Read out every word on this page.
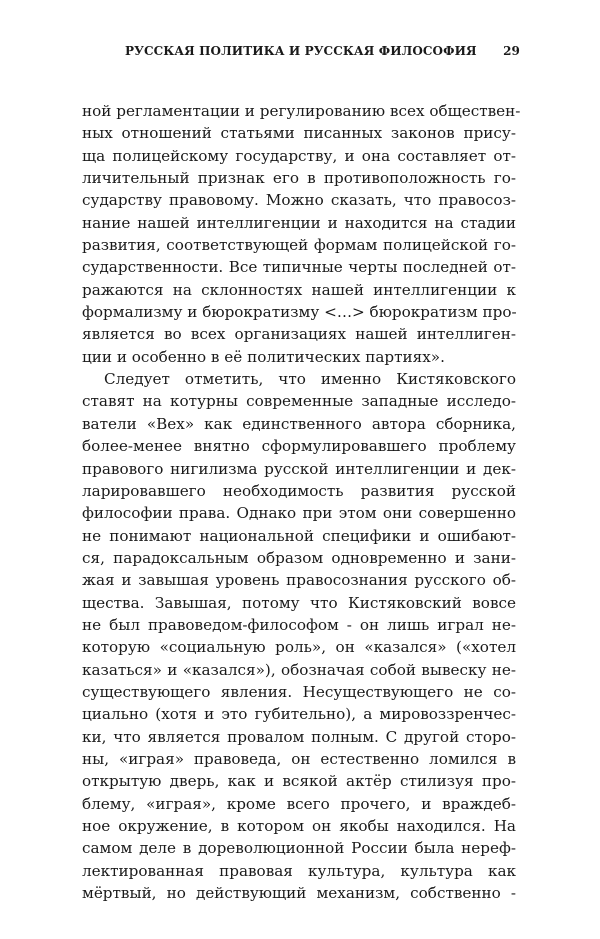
РУССКАЯ ПОЛИТИКА И РУССКАЯ ФИЛОСОФИЯ 29
ной регламентации и регулированию всех обществен-
ных отношений статьями писанных законов прису-
ща полицейскому государству, и она составляет от-
личительный признак его в противоположность го-
сударству правовому. Можно сказать, что правосоз-
нание нашей интеллигенции и находится на стадии
развития, соответствующей формам полицейской го-
сударственности. Все типичные черты последней от-
ражаются на склонностях нашей интеллигенции к
формализму и бюрократизму <…> бюрократизм про-
является во всех организациях нашей интеллиген-
ции и особенно в её политических партиях».
Следует отметить, что именно Кистяковского
ставят на котурны современные западные исследо-
ватели «Вех» как единственного автора сборника,
более-менее внятно сформулировавшего проблему
правового нигилизма русской интеллигенции и дек-
ларировавшего необходимость развития русской
философии права. Однако при этом они совершенно
не понимают национальной специфики и ошибают-
ся, парадоксальным образом одновременно и зани-
жая и завышая уровень правосознания русского об-
щества. Завышая, потому что Кистяковский вовсе
не был правоведом-философом - он лишь играл не-
которую «социальную роль», он «казался» («хотел
казаться» и «казался»), обозначая собой вывеску не-
существующего явления. Несуществующего не со-
циально (хотя и это губительно), а мировоззренчес-
ки, что является провалом полным. С другой сторо-
ны, «играя» правоведа, он естественно ломился в
открытую дверь, как и всякой актёр стилизуя про-
блему, «играя», кроме всего прочего, и враждеб-
ное окружение, в котором он якобы находился. На
самом деле в дореволюционной России была нереф-
лектированная правовая культура, культура как
мёртвый, но действующий механизм, собственно -
